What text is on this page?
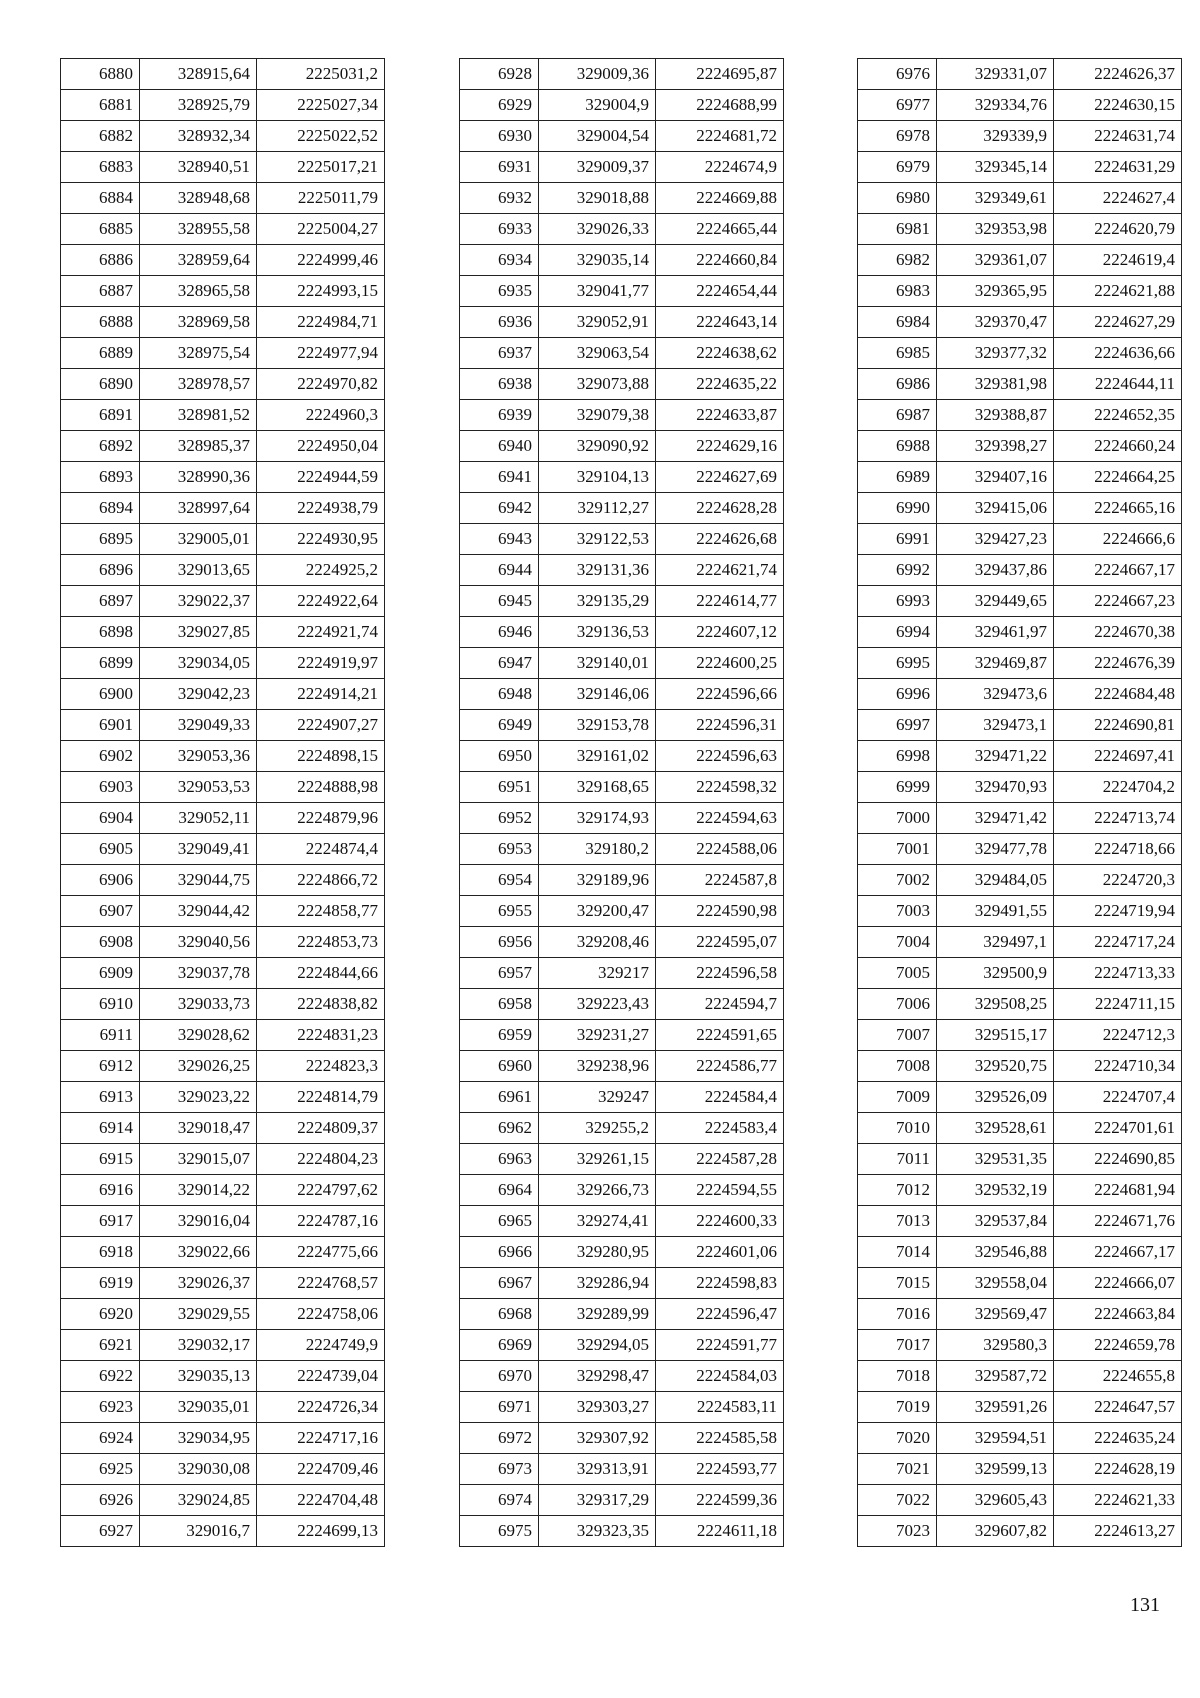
6880	328915,64	2225031,2
6881	328925,79	2225027,34
6882	328932,34	2225022,52
6883	328940,51	2225017,21
6884	328948,68	2225011,79
6885	328955,58	2225004,27
6886	328959,64	2224999,46
6887	328965,58	2224993,15
6888	328969,58	2224984,71
6889	328975,54	2224977,94
6890	328978,57	2224970,82
6891	328981,52	2224960,3
6892	328985,37	2224950,04
6893	328990,36	2224944,59
6894	328997,64	2224938,79
6895	329005,01	2224930,95
6896	329013,65	2224925,2
6897	329022,37	2224922,64
6898	329027,85	2224921,74
6899	329034,05	2224919,97
6900	329042,23	2224914,21
6901	329049,33	2224907,27
6902	329053,36	2224898,15
6903	329053,53	2224888,98
6904	329052,11	2224879,96
6905	329049,41	2224874,4
6906	329044,75	2224866,72
6907	329044,42	2224858,77
6908	329040,56	2224853,73
6909	329037,78	2224844,66
6910	329033,73	2224838,82
6911	329028,62	2224831,23
6912	329026,25	2224823,3
6913	329023,22	2224814,79
6914	329018,47	2224809,37
6915	329015,07	2224804,23
6916	329014,22	2224797,62
6917	329016,04	2224787,16
6918	329022,66	2224775,66
6919	329026,37	2224768,57
6920	329029,55	2224758,06
6921	329032,17	2224749,9
6922	329035,13	2224739,04
6923	329035,01	2224726,34
6924	329034,95	2224717,16
6925	329030,08	2224709,46
6926	329024,85	2224704,48
6927	329016,7	2224699,13
6928	329009,36	2224695,87
6929	329004,9	2224688,99
6930	329004,54	2224681,72
6931	329009,37	2224674,9
6932	329018,88	2224669,88
6933	329026,33	2224665,44
6934	329035,14	2224660,84
6935	329041,77	2224654,44
6936	329052,91	2224643,14
6937	329063,54	2224638,62
6938	329073,88	2224635,22
6939	329079,38	2224633,87
6940	329090,92	2224629,16
6941	329104,13	2224627,69
6942	329112,27	2224628,28
6943	329122,53	2224626,68
6944	329131,36	2224621,74
6945	329135,29	2224614,77
6946	329136,53	2224607,12
6947	329140,01	2224600,25
6948	329146,06	2224596,66
6949	329153,78	2224596,31
6950	329161,02	2224596,63
6951	329168,65	2224598,32
6952	329174,93	2224594,63
6953	329180,2	2224588,06
6954	329189,96	2224587,8
6955	329200,47	2224590,98
6956	329208,46	2224595,07
6957	329217	2224596,58
6958	329223,43	2224594,7
6959	329231,27	2224591,65
6960	329238,96	2224586,77
6961	329247	2224584,4
6962	329255,2	2224583,4
6963	329261,15	2224587,28
6964	329266,73	2224594,55
6965	329274,41	2224600,33
6966	329280,95	2224601,06
6967	329286,94	2224598,83
6968	329289,99	2224596,47
6969	329294,05	2224591,77
6970	329298,47	2224584,03
6971	329303,27	2224583,11
6972	329307,92	2224585,58
6973	329313,91	2224593,77
6974	329317,29	2224599,36
6975	329323,35	2224611,18
6976	329331,07	2224626,37
6977	329334,76	2224630,15
6978	329339,9	2224631,74
6979	329345,14	2224631,29
6980	329349,61	2224627,4
6981	329353,98	2224620,79
6982	329361,07	2224619,4
6983	329365,95	2224621,88
6984	329370,47	2224627,29
6985	329377,32	2224636,66
6986	329381,98	2224644,11
6987	329388,87	2224652,35
6988	329398,27	2224660,24
6989	329407,16	2224664,25
6990	329415,06	2224665,16
6991	329427,23	2224666,6
6992	329437,86	2224667,17
6993	329449,65	2224667,23
6994	329461,97	2224670,38
6995	329469,87	2224676,39
6996	329473,6	2224684,48
6997	329473,1	2224690,81
6998	329471,22	2224697,41
6999	329470,93	2224704,2
7000	329471,42	2224713,74
7001	329477,78	2224718,66
7002	329484,05	2224720,3
7003	329491,55	2224719,94
7004	329497,1	2224717,24
7005	329500,9	2224713,33
7006	329508,25	2224711,15
7007	329515,17	2224712,3
7008	329520,75	2224710,34
7009	329526,09	2224707,4
7010	329528,61	2224701,61
7011	329531,35	2224690,85
7012	329532,19	2224681,94
7013	329537,84	2224671,76
7014	329546,88	2224667,17
7015	329558,04	2224666,07
7016	329569,47	2224663,84
7017	329580,3	2224659,78
7018	329587,72	2224655,8
7019	329591,26	2224647,57
7020	329594,51	2224635,24
7021	329599,13	2224628,19
7022	329605,43	2224621,33
7023	329607,82	2224613,27
131
